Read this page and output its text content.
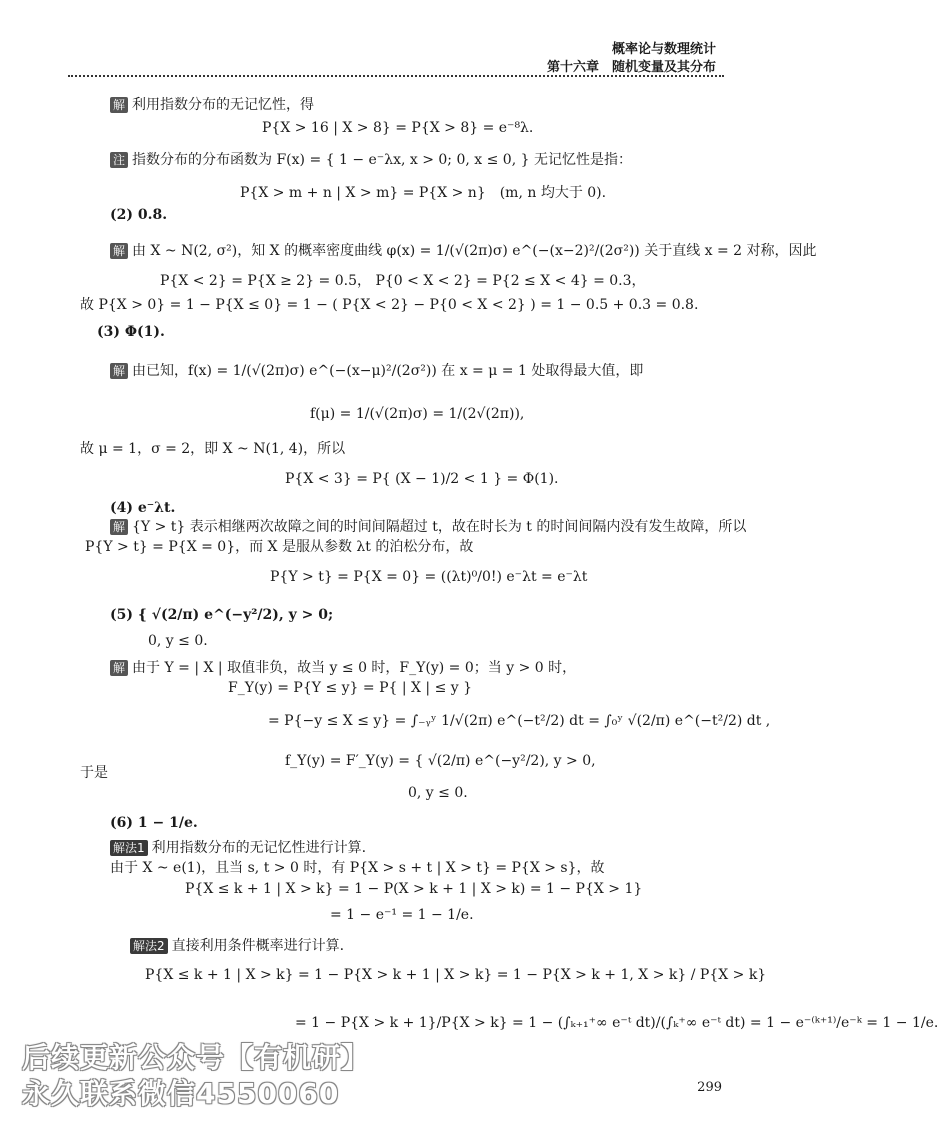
概率论与数理统计
第十六章　随机变量及其分布
解 利用指数分布的无记忆性，得
P{X > 16 | X > 8} = P{X > 8} = e⁻⁸λ.
注 指数分布的分布函数为 F(x) = { 1 − e⁻λx, x > 0; 0, x ≤ 0, } 无记忆性是指：
P{X > m + n | X > m} = P{X > n}　(m, n 均大于 0).
(2) 0.8.
解 由 X ~ N(2, σ²)，知 X 的概率密度曲线 φ(x) = 1/(√(2π)σ) e^(−(x−2)²/(2σ²)) 关于直线 x = 2 对称，因此
P{X < 2} = P{X ≥ 2} = 0.5， P{0 < X < 2} = P{2 ≤ X < 4} = 0.3，
故 P{X > 0} = 1 − P{X ≤ 0} = 1 − ( P{X < 2} − P{0 < X < 2} ) = 1 − 0.5 + 0.3 = 0.8.
(3) Φ(1).
解 由已知，f(x) = 1/(√(2π)σ) e^(−(x−μ)²/(2σ²)) 在 x = μ = 1 处取得最大值，即
f(μ) = 1/(√(2π)σ) = 1/(2√(2π)),
故 μ = 1，σ = 2，即 X ~ N(1, 4)，所以
P{X < 3} = P{ (X − 1)/2 < 1 } = Φ(1).
(4) e⁻λt.
解 {Y > t} 表示相继两次故障之间的时间间隔超过 t，故在时长为 t 的时间间隔内没有发生故障，所以
P{Y > t} = P{X = 0}，而 X 是服从参数 λt 的泊松分布，故
P{Y > t} = P{X = 0} = ((λt)⁰/0!) e⁻λt = e⁻λt
(5) { √(2/π) e^(−y²/2), y > 0;
0, y ≤ 0.
解 由于 Y = | X | 取值非负，故当 y ≤ 0 时，F_Y(y) = 0；当 y > 0 时，
F_Y(y) = P{Y ≤ y} = P{ | X | ≤ y }
= P{−y ≤ X ≤ y} = ∫₋ᵧʸ 1/√(2π) e^(−t²/2) dt = ∫₀ʸ √(2/π) e^(−t²/2) dt ,
于是
f_Y(y) = F′_Y(y) = { √(2/π) e^(−y²/2), y > 0,
0, y ≤ 0.
(6) 1 − 1/e.
解法1 利用指数分布的无记忆性进行计算.
由于 X ~ e(1)，且当 s, t > 0 时，有 P{X > s + t | X > t} = P{X > s}，故
P{X ≤ k + 1 | X > k} = 1 − P(X > k + 1 | X > k) = 1 − P{X > 1}
= 1 − e⁻¹ = 1 − 1/e.
解法2 直接利用条件概率进行计算.
P{X ≤ k + 1 | X > k} = 1 − P{X > k + 1 | X > k} = 1 − P{X > k + 1, X > k} / P{X > k}
= 1 − P{X > k + 1}/P{X > k} = 1 − (∫ₖ₊₁⁺∞ e⁻ᵗ dt)/(∫ₖ⁺∞ e⁻ᵗ dt) = 1 − e⁻⁽ᵏ⁺¹⁾/e⁻ᵏ = 1 − 1/e.
后续更新公众号【有机研】
永久联系微信4550060	299
